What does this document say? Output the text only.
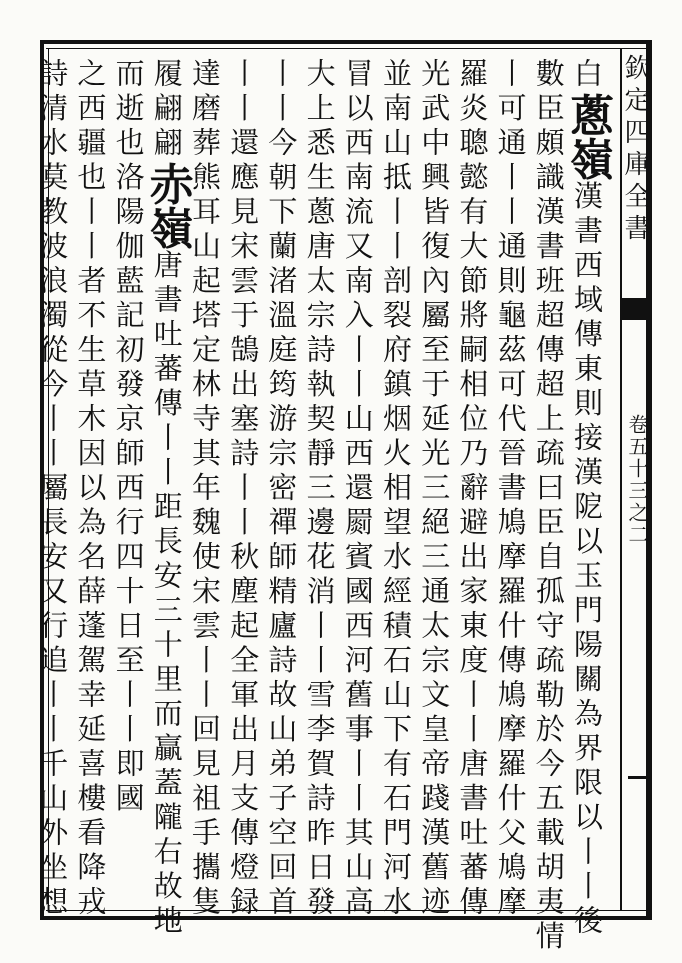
欽定四庫全書
卷五十三之二
白蔥嶺漢書西域傳東則接漢阸以玉門陽關為界限以丨丨後
數臣頗識漢書班超傳超上疏曰臣自孤守疏勒於今五載胡夷情
丨可通丨丨通則龜茲可代晉書鳩摩羅什傳鳩摩羅什父鳩摩
羅炎聰懿有大節將嗣相位乃辭避出家東度丨丨唐書吐蕃傳
光武中興皆復內屬至于延光三絕三通太宗文皇帝踐漢舊迹
並南山抵丨丨剖裂府鎮烟火相望水經積石山下有石門河水
冒以西南流又南入丨丨山西還罽賓國西河舊事丨丨其山高
大上悉生蔥唐太宗詩執契靜三邊花消丨丨雪李賀詩昨日發
丨丨今朝下蘭渚溫庭筠游宗密禪師精廬詩故山弟子空回首
丨丨還應見宋雲于鵠出塞詩丨丨秋塵起全軍出月支傳燈録
達磨葬熊耳山起塔定林寺其年魏使宋雲丨丨回見祖手攜隻
履翩翩赤嶺唐書吐蕃傳丨丨距長安三十里而贏蓋隴右故地
而逝也洛陽伽藍記初發京師西行四十日至丨丨即國
之西疆也丨丨者不生草木因以為名薛蓬駕幸延喜樓看降戎
詩清水莫教波浪濁從今丨丨屬長安又行追丨丨千山外坐想
